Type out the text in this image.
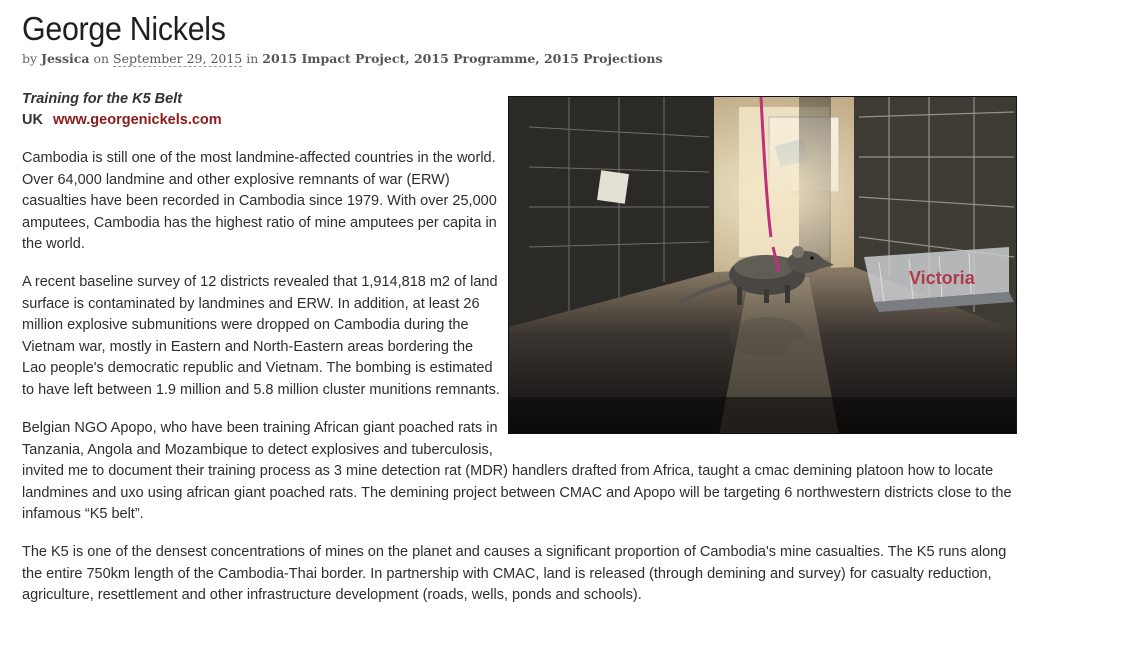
George Nickels
by Jessica on September 29, 2015 in 2015 Impact Project, 2015 Programme, 2015 Projections
Training for the K5 Belt
UK www.georgenickels.com

Cambodia is still one of the most landmine-affected countries in the world. Over 64,000 landmine and other explosive remnants of war (ERW) casualties have been recorded in Cambodia since 1979. With over 25,000 amputees, Cambodia has the highest ratio of mine amputees per capita in the world.

A recent baseline survey of 12 districts revealed that 1,914,818 m2 of land surface is contaminated by landmines and ERW. In addition, at least 26 million explosive submunitions were dropped on Cambodia during the Vietnam war, mostly in Eastern and North-Eastern areas bordering the Lao people's democratic republic and Vietnam. The bombing is estimated to have left between 1.9 million and 5.8 million cluster munitions remnants.

Belgian NGO Apopo, who have been training African giant poached rats in Tanzania, Angola and Mozambique to detect explosives and tuberculosis,
invited me to document their training process as 3 mine detection rat (MDR) handlers drafted from Africa, taught a cmac demining platoon how to locate landmines and uxo using african giant poached rats. The demining project between CMAC and Apopo will be targeting 6 northwestern districts close to the infamous “K5 belt”.

The K5 is one of the densest concentrations of mines on the planet and causes a significant proportion of Cambodia's mine casualties. The K5 runs along the entire 750km length of the Cambodia-Thai border. In partnership with CMAC, land is released (through demining and survey) for casualty reduction, agriculture, resettlement and other infrastructure development (roads, wells, ponds and schools).

Victoria
